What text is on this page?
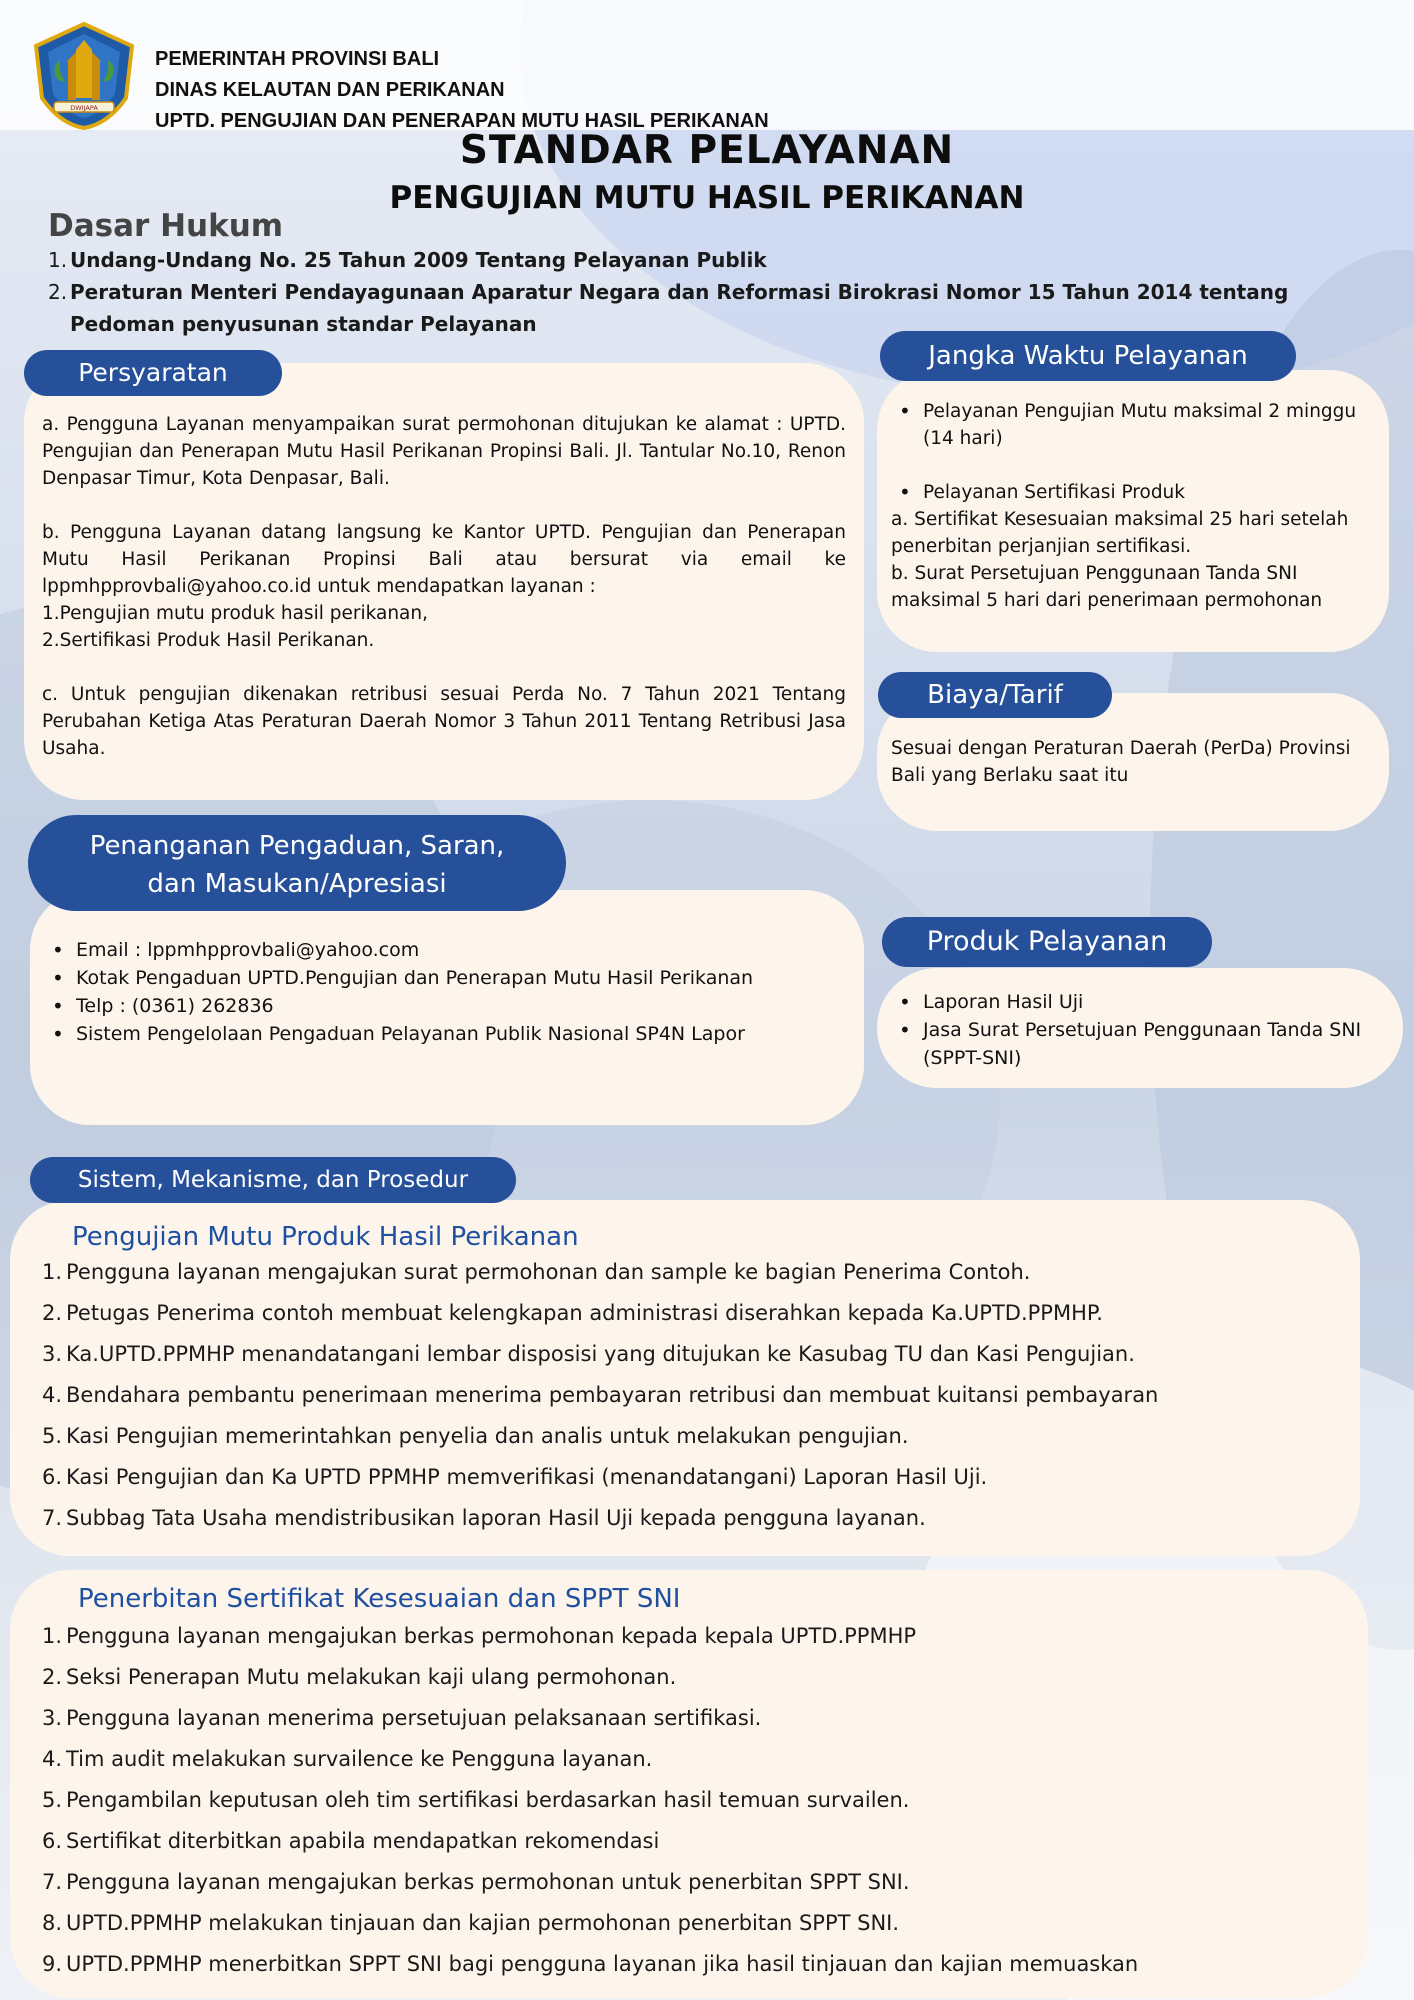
DWIJAPA
PEMERINTAH PROVINSI BALI
DINAS KELAUTAN DAN PERIKANAN
UPTD. PENGUJIAN DAN PENERAPAN MUTU HASIL PERIKANAN
STANDAR PELAYANAN
PENGUJIAN MUTU HASIL PERIKANAN
Dasar Hukum
1. Undang-Undang No. 25 Tahun 2009 Tentang Pelayanan Publik
2. Peraturan Menteri Pendayagunaan Aparatur Negara dan Reformasi Birokrasi Nomor 15 Tahun 2014 tentang Pedoman penyusunan standar Pelayanan

a. Pengguna Layanan menyampaikan surat permohonan ditujukan ke alamat : UPTD. Pengujian dan Penerapan Mutu Hasil Perikanan Propinsi Bali. Jl. Tantular No.10, Renon Denpasar Timur, Kota Denpasar, Bali.

b. Pengguna Layanan datang langsung ke Kantor UPTD. Pengujian dan Penerapan Mutu Hasil Perikanan Propinsi Bali atau bersurat via email ke lppmhpprovbali@yahoo.co.id untuk mendapatkan layanan :

1.Pengujian mutu produk hasil perikanan,
2.Sertifikasi Produk Hasil Perikanan.

c. Untuk pengujian dikenakan retribusi sesuai Perda No. 7 Tahun 2021 Tentang Perubahan Ketiga Atas Peraturan Daerah Nomor 3 Tahun 2011 Tentang Retribusi Jasa Usaha.

Persyaratan
• Pelayanan Pengujian Mutu maksimal 2 minggu (14 hari)
• Pelayanan Sertifikasi Produk
a. Sertifikat Kesesuaian maksimal 25 hari setelah penerbitan perjanjian sertifikasi.
b. Surat Persetujuan Penggunaan Tanda SNI maksimal 5 hari dari penerimaan permohonan
Jangka Waktu Pelayanan
Sesuai dengan Peraturan Daerah (PerDa) Provinsi Bali yang Berlaku saat itu
Biaya/Tarif
• Email : lppmhpprovbali@yahoo.com
• Kotak Pengaduan UPTD.Pengujian dan Penerapan Mutu Hasil Perikanan
• Telp : (0361) 262836
• Sistem Pengelolaan Pengaduan Pelayanan Publik Nasional SP4N Lapor
Penanganan Pengaduan, Saran,
dan Masukan/Apresiasi
• Laporan Hasil Uji
• Jasa Surat Persetujuan Penggunaan Tanda SNI (SPPT-SNI)
Produk Pelayanan
Pengujian Mutu Produk Hasil Perikanan
1. Pengguna layanan mengajukan surat permohonan dan sample ke bagian Penerima Contoh.
2. Petugas Penerima contoh membuat kelengkapan administrasi diserahkan kepada Ka.UPTD.PPMHP.
3. Ka.UPTD.PPMHP menandatangani lembar disposisi yang ditujukan ke Kasubag TU dan Kasi Pengujian.
4. Bendahara pembantu penerimaan menerima pembayaran retribusi dan membuat kuitansi pembayaran
5. Kasi Pengujian memerintahkan penyelia dan analis untuk melakukan pengujian.
6. Kasi Pengujian dan Ka UPTD PPMHP memverifikasi (menandatangani) Laporan Hasil Uji.
7. Subbag Tata Usaha mendistribusikan laporan Hasil Uji kepada pengguna layanan.
Sistem, Mekanisme, dan Prosedur
Penerbitan Sertifikat Kesesuaian dan SPPT SNI
1. Pengguna layanan mengajukan berkas permohonan kepada kepala UPTD.PPMHP
2. Seksi Penerapan Mutu melakukan kaji ulang permohonan.
3. Pengguna layanan menerima persetujuan pelaksanaan sertifikasi.
4. Tim audit melakukan survailence ke Pengguna layanan.
5. Pengambilan keputusan oleh tim sertifikasi berdasarkan hasil temuan survailen.
6. Sertifikat diterbitkan apabila mendapatkan rekomendasi
7. Pengguna layanan mengajukan berkas permohonan untuk penerbitan SPPT SNI.
8. UPTD.PPMHP melakukan tinjauan dan kajian permohonan penerbitan SPPT SNI.
9. UPTD.PPMHP menerbitkan SPPT SNI bagi pengguna layanan jika hasil tinjauan dan kajian memuaskan
